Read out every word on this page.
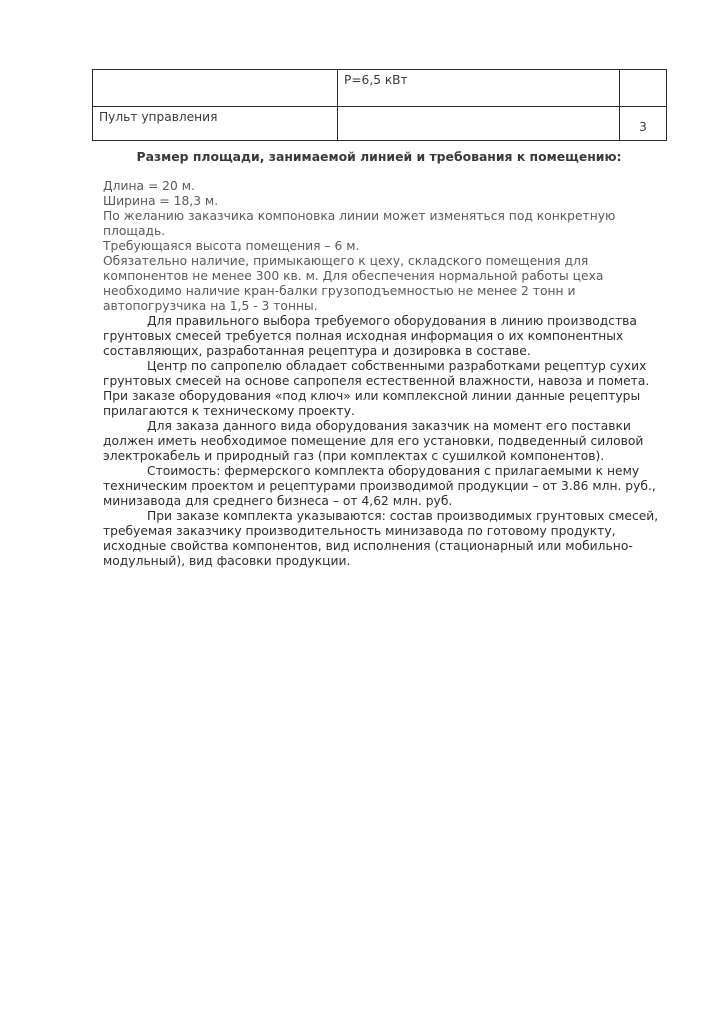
	Р=6,5 кВт	
Пульт управления		3
Размер площади, занимаемой линией и требования к помещению:

Длина = 20 м.

Ширина = 18,3 м.

По желанию заказчика компоновка линии может изменяться под конкретную

площадь.

Требующаяся высота помещения – 6 м.

Обязательно наличие, примыкающего к цеху, складского помещения для

компонентов не менее 300 кв. м. Для обеспечения нормальной работы цеха

необходимо наличие кран-балки грузоподъемностью не менее 2 тонн и

автопогрузчика на 1,5 - 3 тонны.

Для правильного выбора требуемого оборудования в линию производства

грунтовых смесей требуется полная исходная информация о их компонентных

составляющих, разработанная рецептура и дозировка в составе.

Центр по сапропелю обладает собственными разработками рецептур сухих

грунтовых смесей на основе сапропеля естественной влажности, навоза и помета.

При заказе оборудования «под ключ» или комплексной линии данные рецептуры

прилагаются к техническому проекту.

Для заказа данного вида оборудования заказчик на момент его поставки

должен иметь необходимое помещение для его установки, подведенный силовой

электрокабель и природный газ (при комплектах с сушилкой компонентов).

Стоимость: фермерского комплекта оборудования с прилагаемыми к нему

техническим проектом и рецептурами производимой продукции – от 3.86 млн. руб.,

минизавода для среднего бизнеса – от 4,62 млн. руб.

При заказе комплекта указываются: состав производимых грунтовых смесей,

требуемая заказчику производительность минизавода по готовому продукту,

исходные свойства компонентов, вид исполнения (стационарный или мобильно-

модульный), вид фасовки продукции.
